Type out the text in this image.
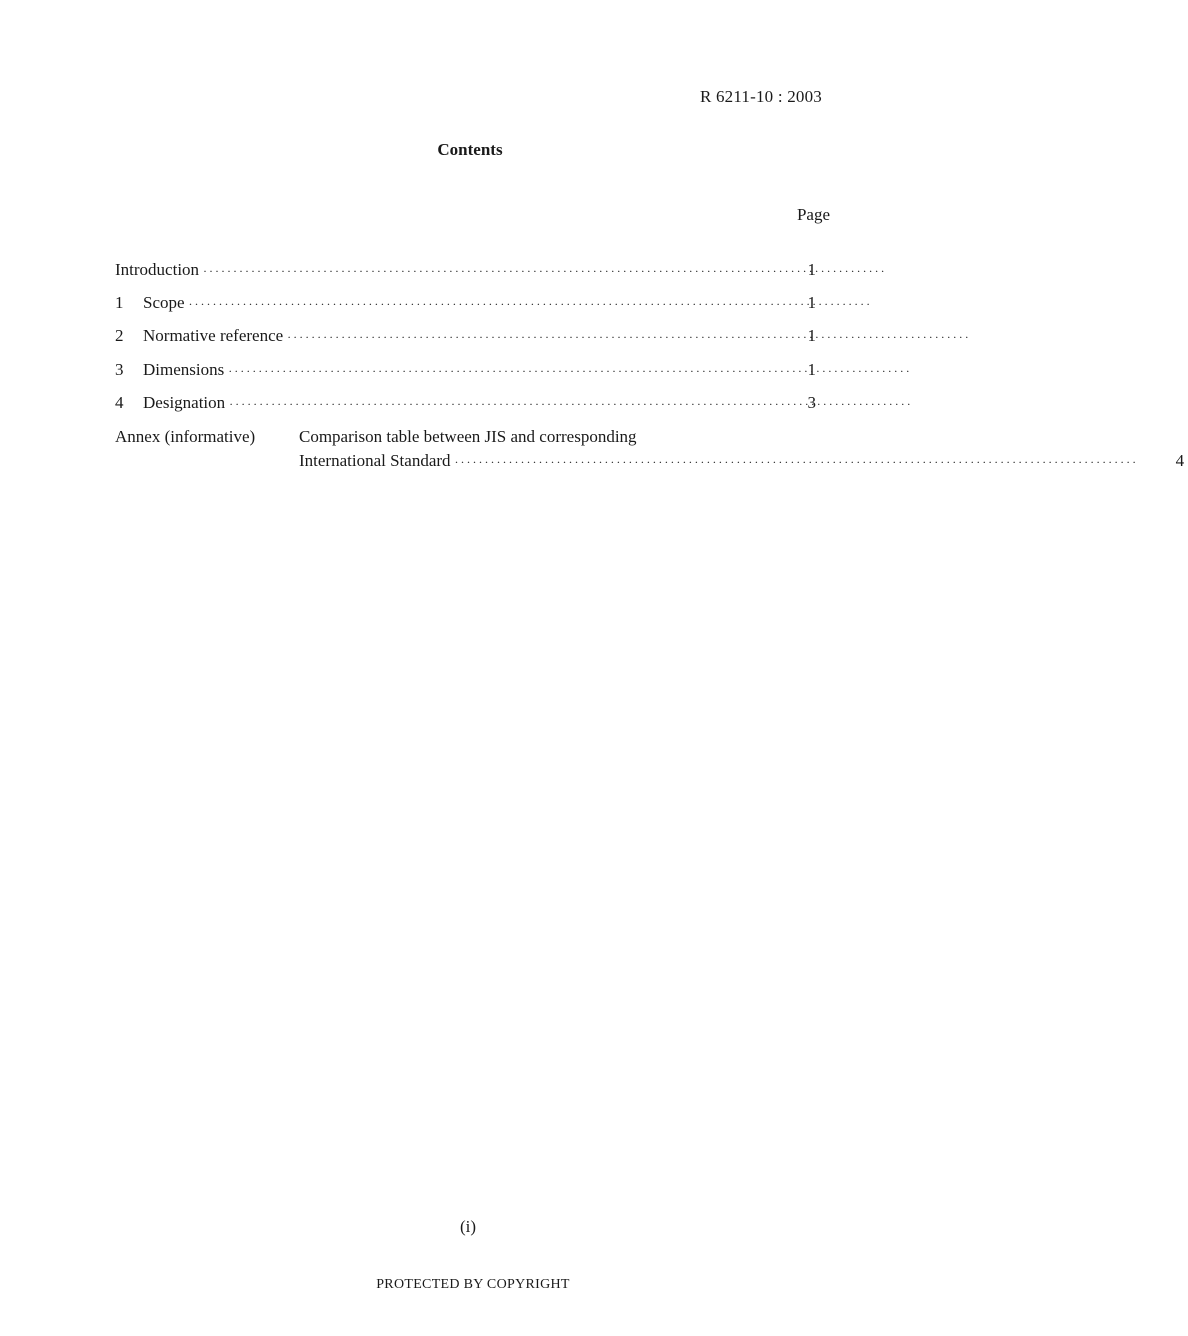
R 6211-10 : 2003
Contents
Page
Introduction ·····	1
1	Scope ·····	1
2	Normative reference ·····	1
3	Dimensions ·····	1
4	Designation ·····	3
Annex (informative)	Comparison table between JIS and corresponding
International Standard ·····	4
(i)
PROTECTED BY COPYRIGHT
